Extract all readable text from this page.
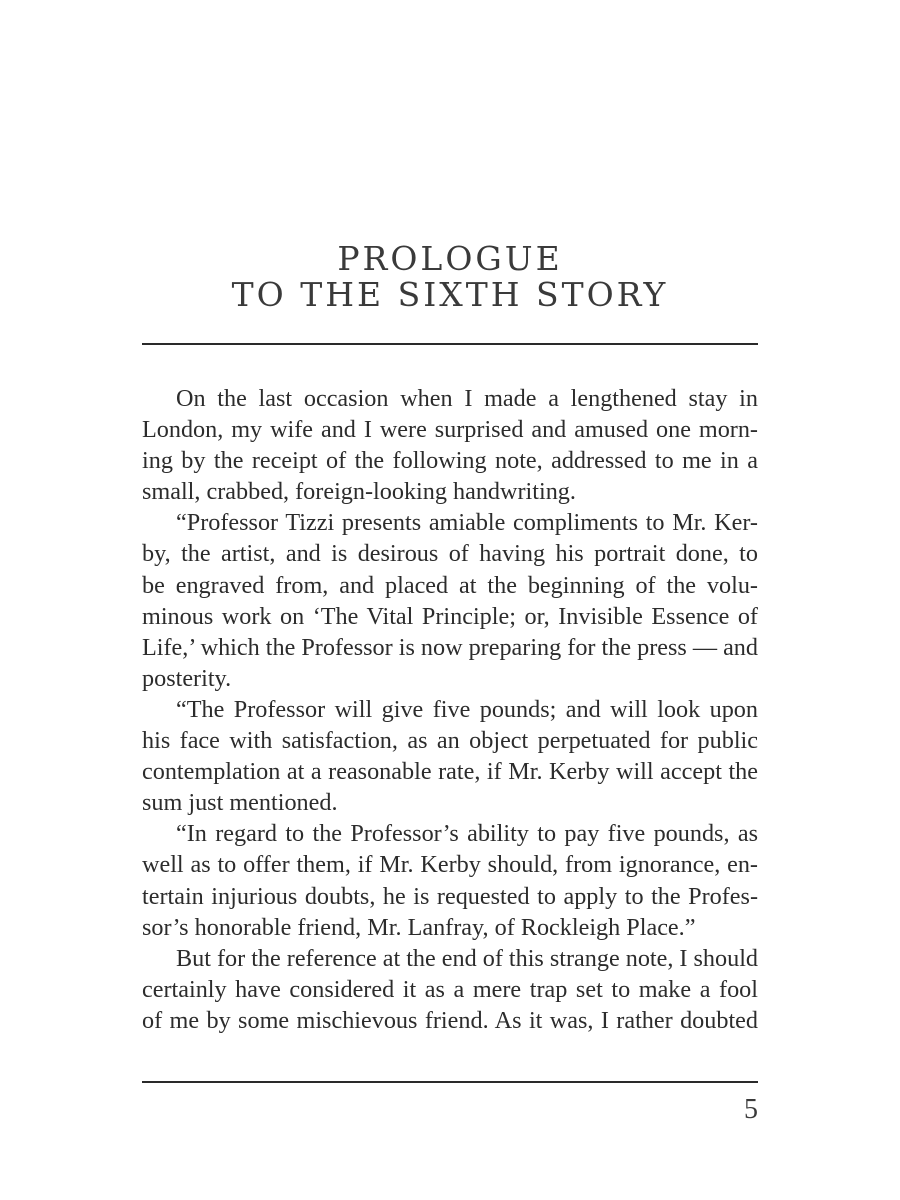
PROLOGUE
TO THE SIXTH STORY
On the last occasion when I made a lengthened stay in
London, my wife and I were surprised and amused one morn-
ing by the receipt of the following note, addressed to me in a
small, crabbed, foreign-looking handwriting.
“Professor Tizzi presents amiable compliments to Mr. Ker-
by, the artist, and is desirous of having his portrait done, to
be engraved from, and placed at the beginning of the volu-
minous work on ‘The Vital Principle; or, Invisible Essence of
Life,’ which the Professor is now preparing for the press — and
posterity.
“The Professor will give five pounds; and will look upon
his face with satisfaction, as an object perpetuated for public
contemplation at a reasonable rate, if Mr. Kerby will accept the
sum just mentioned.
“In regard to the Professor’s ability to pay five pounds, as
well as to offer them, if Mr. Kerby should, from ignorance, en-
tertain injurious doubts, he is requested to apply to the Profes-
sor’s honorable friend, Mr. Lanfray, of Rockleigh Place.”
But for the reference at the end of this strange note, I should
certainly have considered it as a mere trap set to make a fool
of me by some mischievous friend. As it was, I rather doubted
5
